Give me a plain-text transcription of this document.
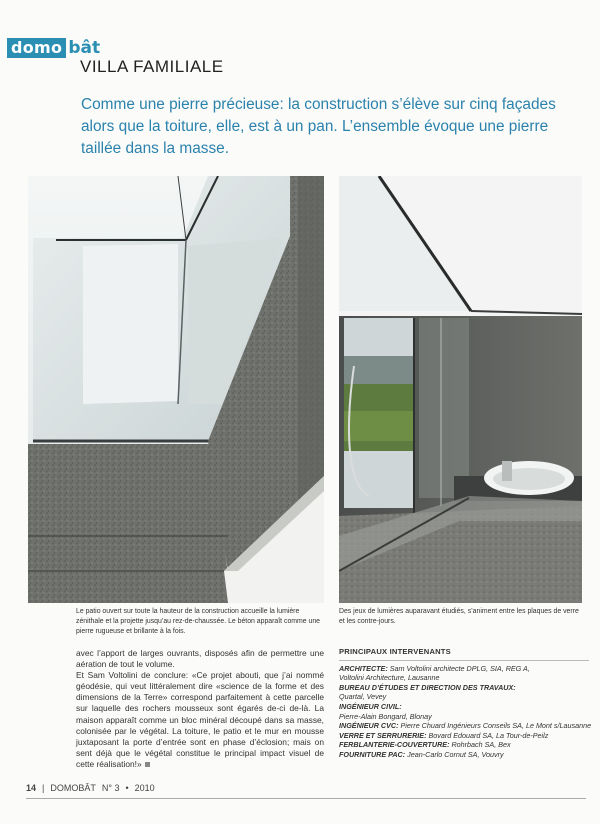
domo bât
VILLA FAMILIALE
Comme une pierre précieuse: la construction s’élève sur cinq façades alors que la toiture, elle, est à un pan. L’ensemble évoque une pierre taillée dans la masse.
Le patio ouvert sur toute la hauteur de la construction accueille la lumière zénithale et la projette jusqu’au rez-de-chaussée. Le béton apparaît comme une pierre rugueuse et brillante à la fois.
Des jeux de lumières auparavant étudiés, s’animent entre les plaques de verre et les contre-jours.

avec l’apport de larges ouvrants, disposés afin de permettre une aération de tout le volume.

Et Sam Voltolini de conclure: «Ce projet abouti, que j’ai nommé géodésie, qui veut littéralement dire «science de la forme et des dimensions de la Terre» correspond parfaitement à cette parcelle sur laquelle des rochers mousseux sont égarés de-ci de-là. La maison apparaît comme un bloc minéral découpé dans sa masse, colonisée par le végétal. La toiture, le patio et le mur en mousse juxtaposant la porte d’entrée sont en phase d’éclosion; mais on sent déjà que le végétal constitue le principal impact visuel de cette réalisation!»

PRINCIPAUX INTERVENANTS
ARCHITECTE: Sam Voltolini architecte DPLG, SIA, REG A,
Voltolini Architecture, Lausanne
BUREAU D’ÉTUDES ET DIRECTION DES TRAVAUX:
Quartal, Vevey
INGÉNIEUR CIVIL:
Pierre-Alain Bongard, Blonay
INGÉNIEUR CVC: Pierre Chuard Ingénieurs Conseils SA, Le Mont s/Lausanne
VERRE ET SERRURERIE: Bovard Edouard SA, La Tour-de-Peilz
FERBLANTERIE-COUVERTURE: Rohrbach SA, Bex
FOURNITURE PAC: Jean-Carlo Cornut SA, Vouvry
14 | DOMOBÂT N° 3 • 2010
